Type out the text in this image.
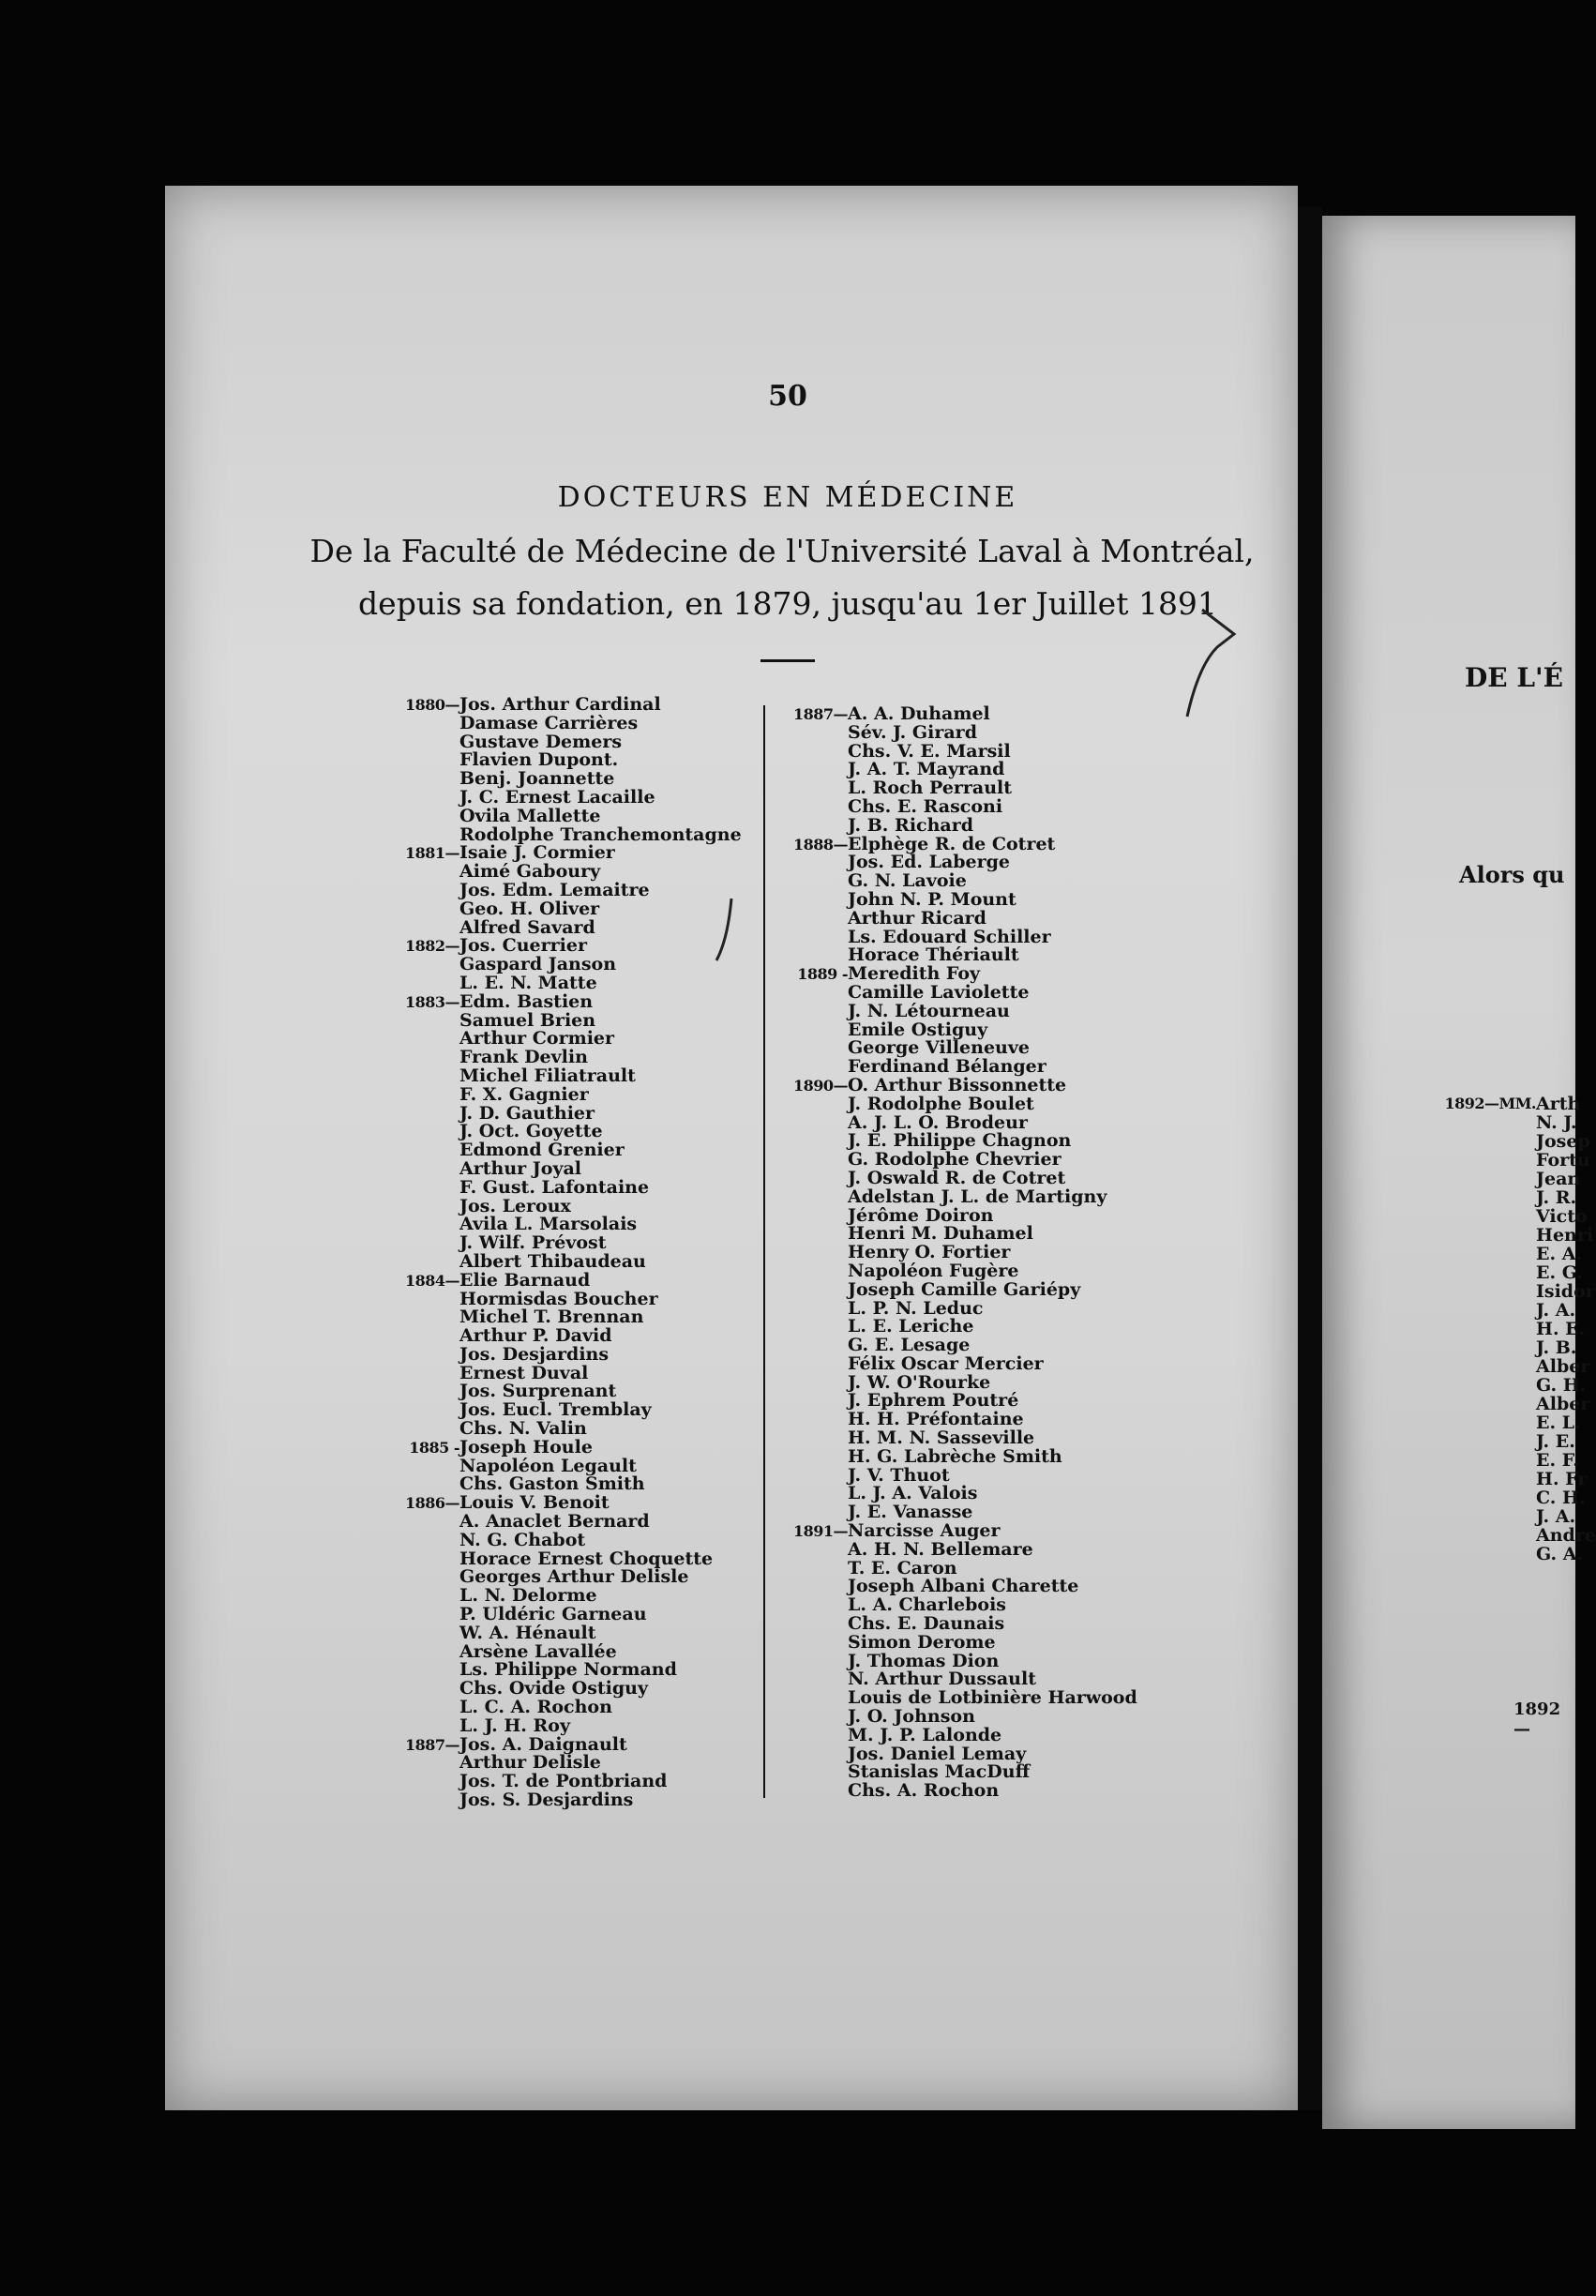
50
DOCTEURS EN MÉDECINE
De la Faculté de Médecine de l'Université Laval à Montréal,
depuis sa fondation, en 1879, jusqu'au 1er Juillet 1891
1880— Jos. Arthur Cardinal
Damase Carrières
Gustave Demers
Flavien Dupont.
Benj. Joannette
J. C. Ernest Lacaille
Ovila Mallette
Rodolphe Tranchemontagne
1881— Isaie J. Cormier
Aimé Gaboury
Jos. Edm. Lemaitre
Geo. H. Oliver
Alfred Savard
1882— Jos. Cuerrier
Gaspard Janson
L. E. N. Matte
1883— Edm. Bastien
Samuel Brien
Arthur Cormier
Frank Devlin
Michel Filiatrault
F. X. Gagnier
J. D. Gauthier
J. Oct. Goyette
Edmond Grenier
Arthur Joyal
F. Gust. Lafontaine
Jos. Leroux
Avila L. Marsolais
J. Wilf. Prévost
Albert Thibaudeau
1884— Elie Barnaud
Hormisdas Boucher
Michel T. Brennan
Arthur P. David
Jos. Desjardins
Ernest Duval
Jos. Surprenant
Jos. Eucl. Tremblay
Chs. N. Valin
1885 - Joseph Houle
Napoléon Legault
Chs. Gaston Smith
1886— Louis V. Benoit
A. Anaclet Bernard
N. G. Chabot
Horace Ernest Choquette
Georges Arthur Delisle
L. N. Delorme
P. Uldéric Garneau
W. A. Hénault
Arsène Lavallée
Ls. Philippe Normand
Chs. Ovide Ostiguy
L. C. A. Rochon
L. J. H. Roy
1887— Jos. A. Daignault
Arthur Delisle
Jos. T. de Pontbriand
Jos. S. Desjardins
1887— A. A. Duhamel
Sév. J. Girard
Chs. V. E. Marsil
J. A. T. Mayrand
L. Roch Perrault
Chs. E. Rasconi
J. B. Richard
1888— Elphège R. de Cotret
Jos. Ed. Laberge
G. N. Lavoie
John N. P. Mount
Arthur Ricard
Ls. Edouard Schiller
Horace Thériault
1889 - Meredith Foy
Camille Laviolette
J. N. Létourneau
Emile Ostiguy
George Villeneuve
Ferdinand Bélanger
1890— O. Arthur Bissonnette
J. Rodolphe Boulet
A. J. L. O. Brodeur
J. E. Philippe Chagnon
G. Rodolphe Chevrier
J. Oswald R. de Cotret
Adelstan J. L. de Martigny
Jérôme Doiron
Henri M. Duhamel
Henry O. Fortier
Napoléon Fugère
Joseph Camille Gariépy
L. P. N. Leduc
L. E. Leriche
G. E. Lesage
Félix Oscar Mercier
J. W. O'Rourke
J. Ephrem Poutré
H. H. Préfontaine
H. M. N. Sasseville
H. G. Labrèche Smith
J. V. Thuot
L. J. A. Valois
J. E. Vanasse
1891— Narcisse Auger
A. H. N. Bellemare
T. E. Caron
Joseph Albani Charette
L. A. Charlebois
Chs. E. Daunais
Simon Derome
J. Thomas Dion
N. Arthur Dussault
Louis de Lotbinière Harwood
J. O. Johnson
M. J. P. Lalonde
Jos. Daniel Lemay
Stanislas MacDuff
Chs. A. Rochon
DE L'É
Alors qu
1892—MM. Arth
N. J.
Josep
Fortu
Jean
J. R.
Victo
Henri
E. A.
E. G.
Isidor
J. A.
H. E.
J. B.
Alber
G. H.
Alber
E. L.
J. E.
E. F.
H. Fr
C. H.
J. A.
Andre
G. A.
1892—
